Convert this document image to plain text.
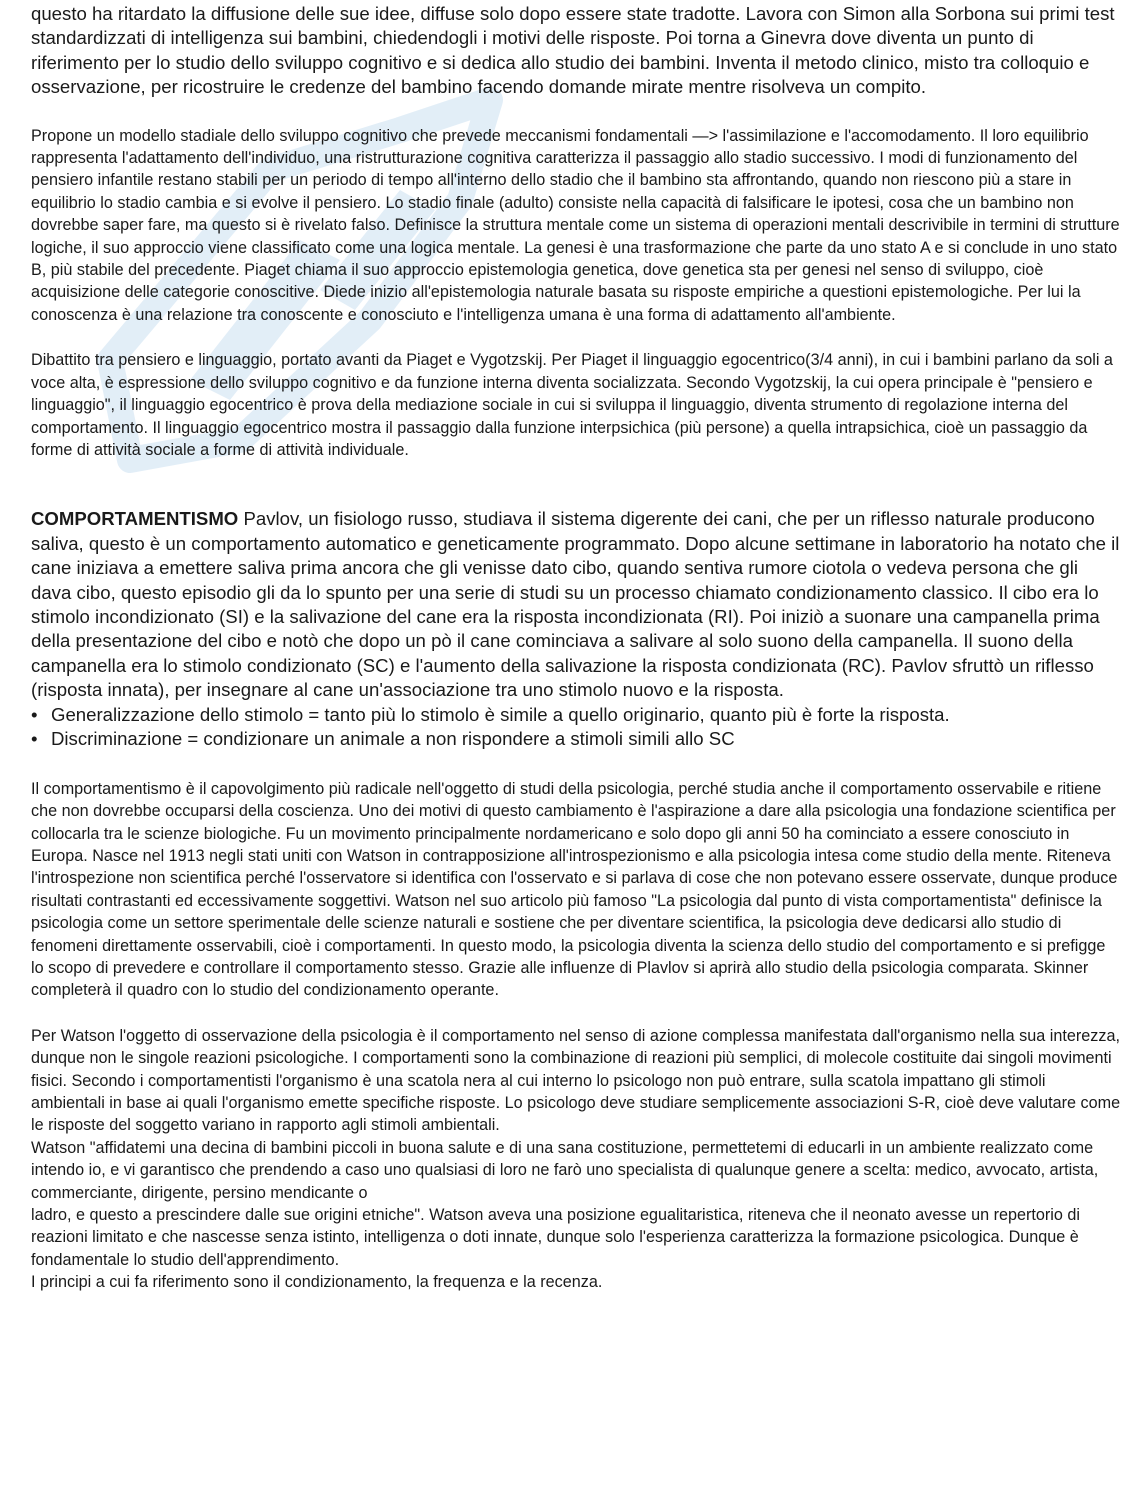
questo ha ritardato la diffusione delle sue idee, diffuse solo dopo essere state tradotte. Lavora con Simon alla Sorbona sui primi test standardizzati di intelligenza sui bambini, chiedendogli i motivi delle risposte. Poi torna a Ginevra dove diventa un punto di riferimento per lo studio dello sviluppo cognitivo e si dedica allo studio dei bambini. Inventa il metodo clinico, misto tra colloquio e osservazione, per ricostruire le credenze del bambino facendo domande mirate mentre risolveva un compito.

Propone un modello stadiale dello sviluppo cognitivo che prevede meccanismi fondamentali —> l'assimilazione e l'accomodamento. Il loro equilibrio rappresenta l'adattamento dell'individuo, una ristrutturazione cognitiva caratterizza il passaggio allo stadio successivo. I modi di funzionamento del pensiero infantile restano stabili per un periodo di tempo all'interno dello stadio che il bambino sta affrontando, quando non riescono più a stare in equilibrio lo stadio cambia e si evolve il pensiero. Lo stadio finale (adulto) consiste nella capacità di falsificare le ipotesi, cosa che un bambino non dovrebbe saper fare, ma questo si è rivelato falso. Definisce la struttura mentale come un sistema di operazioni mentali descrivibile in termini di strutture logiche, il suo approccio viene classificato come una logica mentale. La genesi è una trasformazione che parte da uno stato A e si conclude in uno stato B, più stabile del precedente. Piaget chiama il suo approccio epistemologia genetica, dove genetica sta per genesi nel senso di sviluppo, cioè acquisizione delle categorie conoscitive. Diede inizio all'epistemologia naturale basata su risposte empiriche a questioni epistemologiche. Per lui la conoscenza è una relazione tra conoscente e conosciuto e l'intelligenza umana è una forma di adattamento all'ambiente.

Dibattito tra pensiero e linguaggio, portato avanti da Piaget e Vygotzskij. Per Piaget il linguaggio egocentrico(3/4 anni), in cui i bambini parlano da soli a voce alta, è espressione dello sviluppo cognitivo e da funzione interna diventa socializzata. Secondo Vygotzskij, la cui opera principale è "pensiero e linguaggio", il linguaggio egocentrico è prova della mediazione sociale in cui si sviluppa il linguaggio, diventa strumento di regolazione interna del comportamento. Il linguaggio egocentrico mostra il passaggio dalla funzione interpsichica (più persone) a quella intrapsichica, cioè un passaggio da forme di attività sociale a forme di attività individuale.

COMPORTAMENTISMO Pavlov, un fisiologo russo, studiava il sistema digerente dei cani, che per un riflesso naturale producono saliva, questo è un comportamento automatico e geneticamente programmato. Dopo alcune settimane in laboratorio ha notato che il cane iniziava a emettere saliva prima ancora che gli venisse dato cibo, quando sentiva rumore ciotola o vedeva persona che gli dava cibo, questo episodio gli da lo spunto per una serie di studi su un processo chiamato condizionamento classico. Il cibo era lo stimolo incondizionato (SI) e la salivazione del cane era la risposta incondizionata (RI). Poi iniziò a suonare una campanella prima della presentazione del cibo e notò che dopo un pò il cane cominciava a salivare al solo suono della campanella. Il suono della campanella era lo stimolo condizionato (SC) e l'aumento della salivazione la risposta condizionata (RC). Pavlov sfruttò un riflesso (risposta innata), per insegnare al cane un'associazione tra uno stimolo nuovo e la risposta.

• Generalizzazione dello stimolo = tanto più lo stimolo è simile a quello originario, quanto più è forte la risposta.
• Discriminazione = condizionare un animale a non rispondere a stimoli simili allo SC

Il comportamentismo è il capovolgimento più radicale nell'oggetto di studi della psicologia, perché studia anche il comportamento osservabile e ritiene che non dovrebbe occuparsi della coscienza. Uno dei motivi di questo cambiamento è l'aspirazione a dare alla psicologia una fondazione scientifica per collocarla tra le scienze biologiche. Fu un movimento principalmente nordamericano e solo dopo gli anni 50 ha cominciato a essere conosciuto in Europa. Nasce nel 1913 negli stati uniti con Watson in contrapposizione all'introspezionismo e alla psicologia intesa come studio della mente. Riteneva l'introspezione non scientifica perché l'osservatore si identifica con l'osservato e si parlava di cose che non potevano essere osservate, dunque produce risultati contrastanti ed eccessivamente soggettivi. Watson nel suo articolo più famoso "La psicologia dal punto di vista comportamentista" definisce la psicologia come un settore sperimentale delle scienze naturali e sostiene che per diventare scientifica, la psicologia deve dedicarsi allo studio di fenomeni direttamente osservabili, cioè i comportamenti. In questo modo, la psicologia diventa la scienza dello studio del comportamento e si prefigge lo scopo di prevedere e controllare il comportamento stesso. Grazie alle influenze di Plavlov si aprirà allo studio della psicologia comparata. Skinner completerà il quadro con lo studio del condizionamento operante.

Per Watson l'oggetto di osservazione della psicologia è il comportamento nel senso di azione complessa manifestata dall'organismo nella sua interezza, dunque non le singole reazioni psicologiche. I comportamenti sono la combinazione di reazioni più semplici, di molecole costituite dai singoli movimenti fisici. Secondo i comportamentisti l'organismo è una scatola nera al cui interno lo psicologo non può entrare, sulla scatola impattano gli stimoli ambientali in base ai quali l'organismo emette specifiche risposte. Lo psicologo deve studiare semplicemente associazioni S-R, cioè deve valutare come le risposte del soggetto variano in rapporto agli stimoli ambientali.

Watson "affidatemi una decina di bambini piccoli in buona salute e di una sana costituzione, permettetemi di educarli in un ambiente realizzato come intendo io, e vi garantisco che prendendo a caso uno qualsiasi di loro ne farò uno specialista di qualunque genere a scelta: medico, avvocato, artista, commerciante, dirigente, persino mendicante o

ladro, e questo a prescindere dalle sue origini etniche". Watson aveva una posizione egualitaristica, riteneva che il neonato avesse un repertorio di reazioni limitato e che nascesse senza istinto, intelligenza o doti innate, dunque solo l'esperienza caratterizza la formazione psicologica. Dunque è fondamentale lo studio dell'apprendimento.

I principi a cui fa riferimento sono il condizionamento, la frequenza e la recenza.
